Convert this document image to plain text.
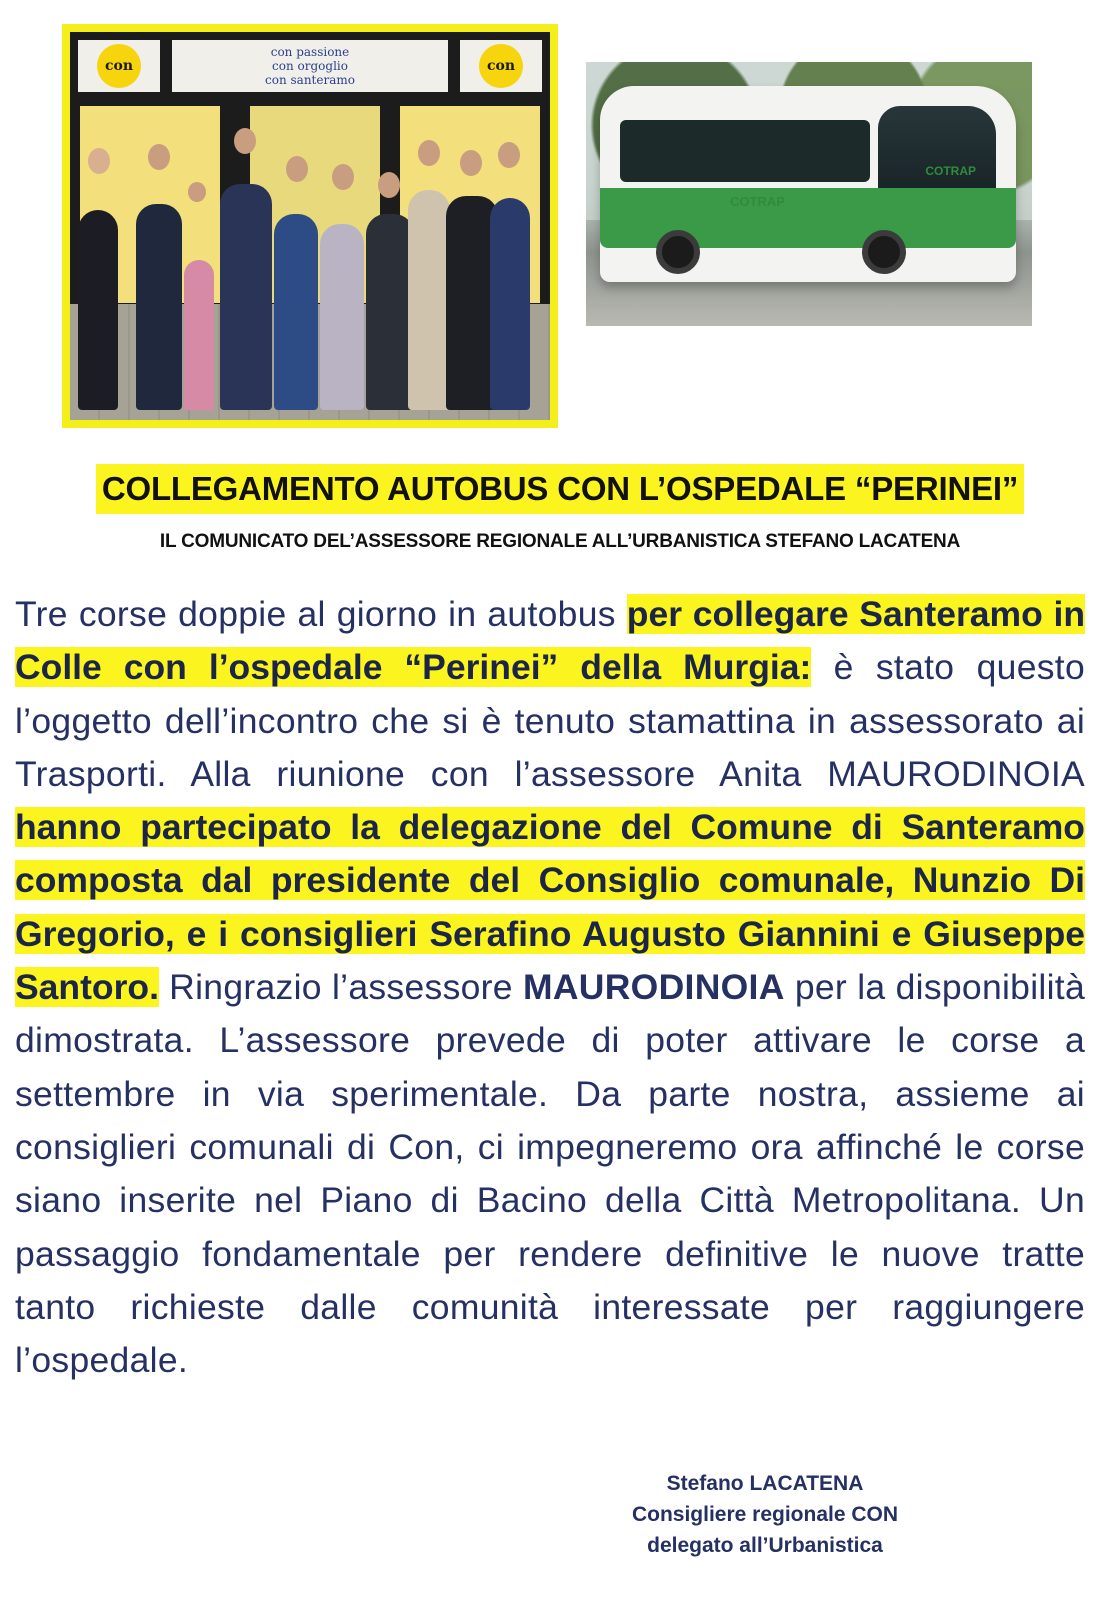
con
con passione
con orgoglio
con santeramo
con
COTRAP
COTRAP
COLLEGAMENTO AUTOBUS CON L’OSPEDALE “PERINEI”
IL COMUNICATO DEL’ASSESSORE REGIONALE ALL’URBANISTICA STEFANO LACATENA
Tre corse doppie al giorno in autobus per collegare Santeramo in Colle con l’ospedale “Perinei” della Murgia: è stato questo l’oggetto dell’incontro che si è tenuto stamattina in assessorato ai Trasporti. Alla riunione con l’assessore Anita MAURODINOIA hanno partecipato la delegazione del Comune di Santeramo composta dal presidente del Consiglio comunale, Nunzio Di Gregorio, e i consiglieri Serafino Augusto Giannini e Giuseppe Santoro. Ringrazio l’assessore MAURODINOIA per la disponibilità dimostrata. L’assessore prevede di poter attivare le corse a settembre in via sperimentale. Da parte nostra, assieme ai consiglieri comunali di Con, ci impegneremo ora affinché le corse siano inserite nel Piano di Bacino della Città Metropolitana. Un passaggio fondamentale per rendere definitive le nuove tratte tanto richieste dalle comunità interessate per raggiungere l’ospedale.
Stefano LACATENA
Consigliere regionale CON
delegato all’Urbanistica
